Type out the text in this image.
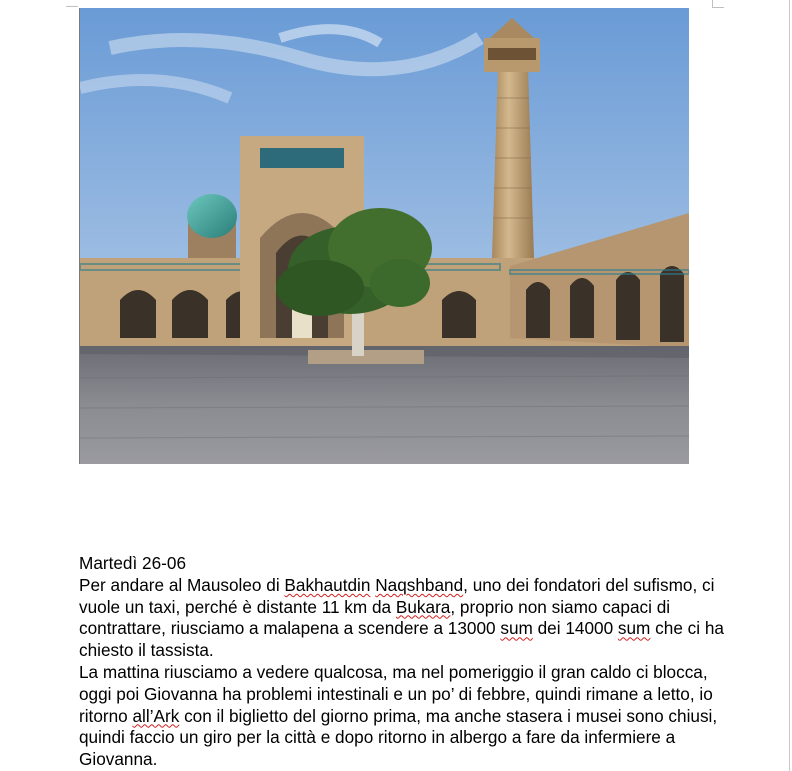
Martedì 26-06

Per andare al Mausoleo di Bakhautdin Naqshband, uno dei fondatori del sufismo, ci vuole un taxi, perché è distante 11 km da Bukara, proprio non siamo capaci di contrattare, riusciamo a malapena a scendere a 13000 sum dei 14000 sum che ci ha chiesto il tassista.

La mattina riusciamo a vedere qualcosa, ma nel pomeriggio il gran caldo ci blocca, oggi poi Giovanna ha problemi intestinali e un po’ di febbre, quindi rimane a letto, io ritorno all’Ark con il biglietto del giorno prima, ma anche stasera i musei sono chiusi, quindi faccio un giro per la città e dopo ritorno in albergo a fare da infermiere a Giovanna.
